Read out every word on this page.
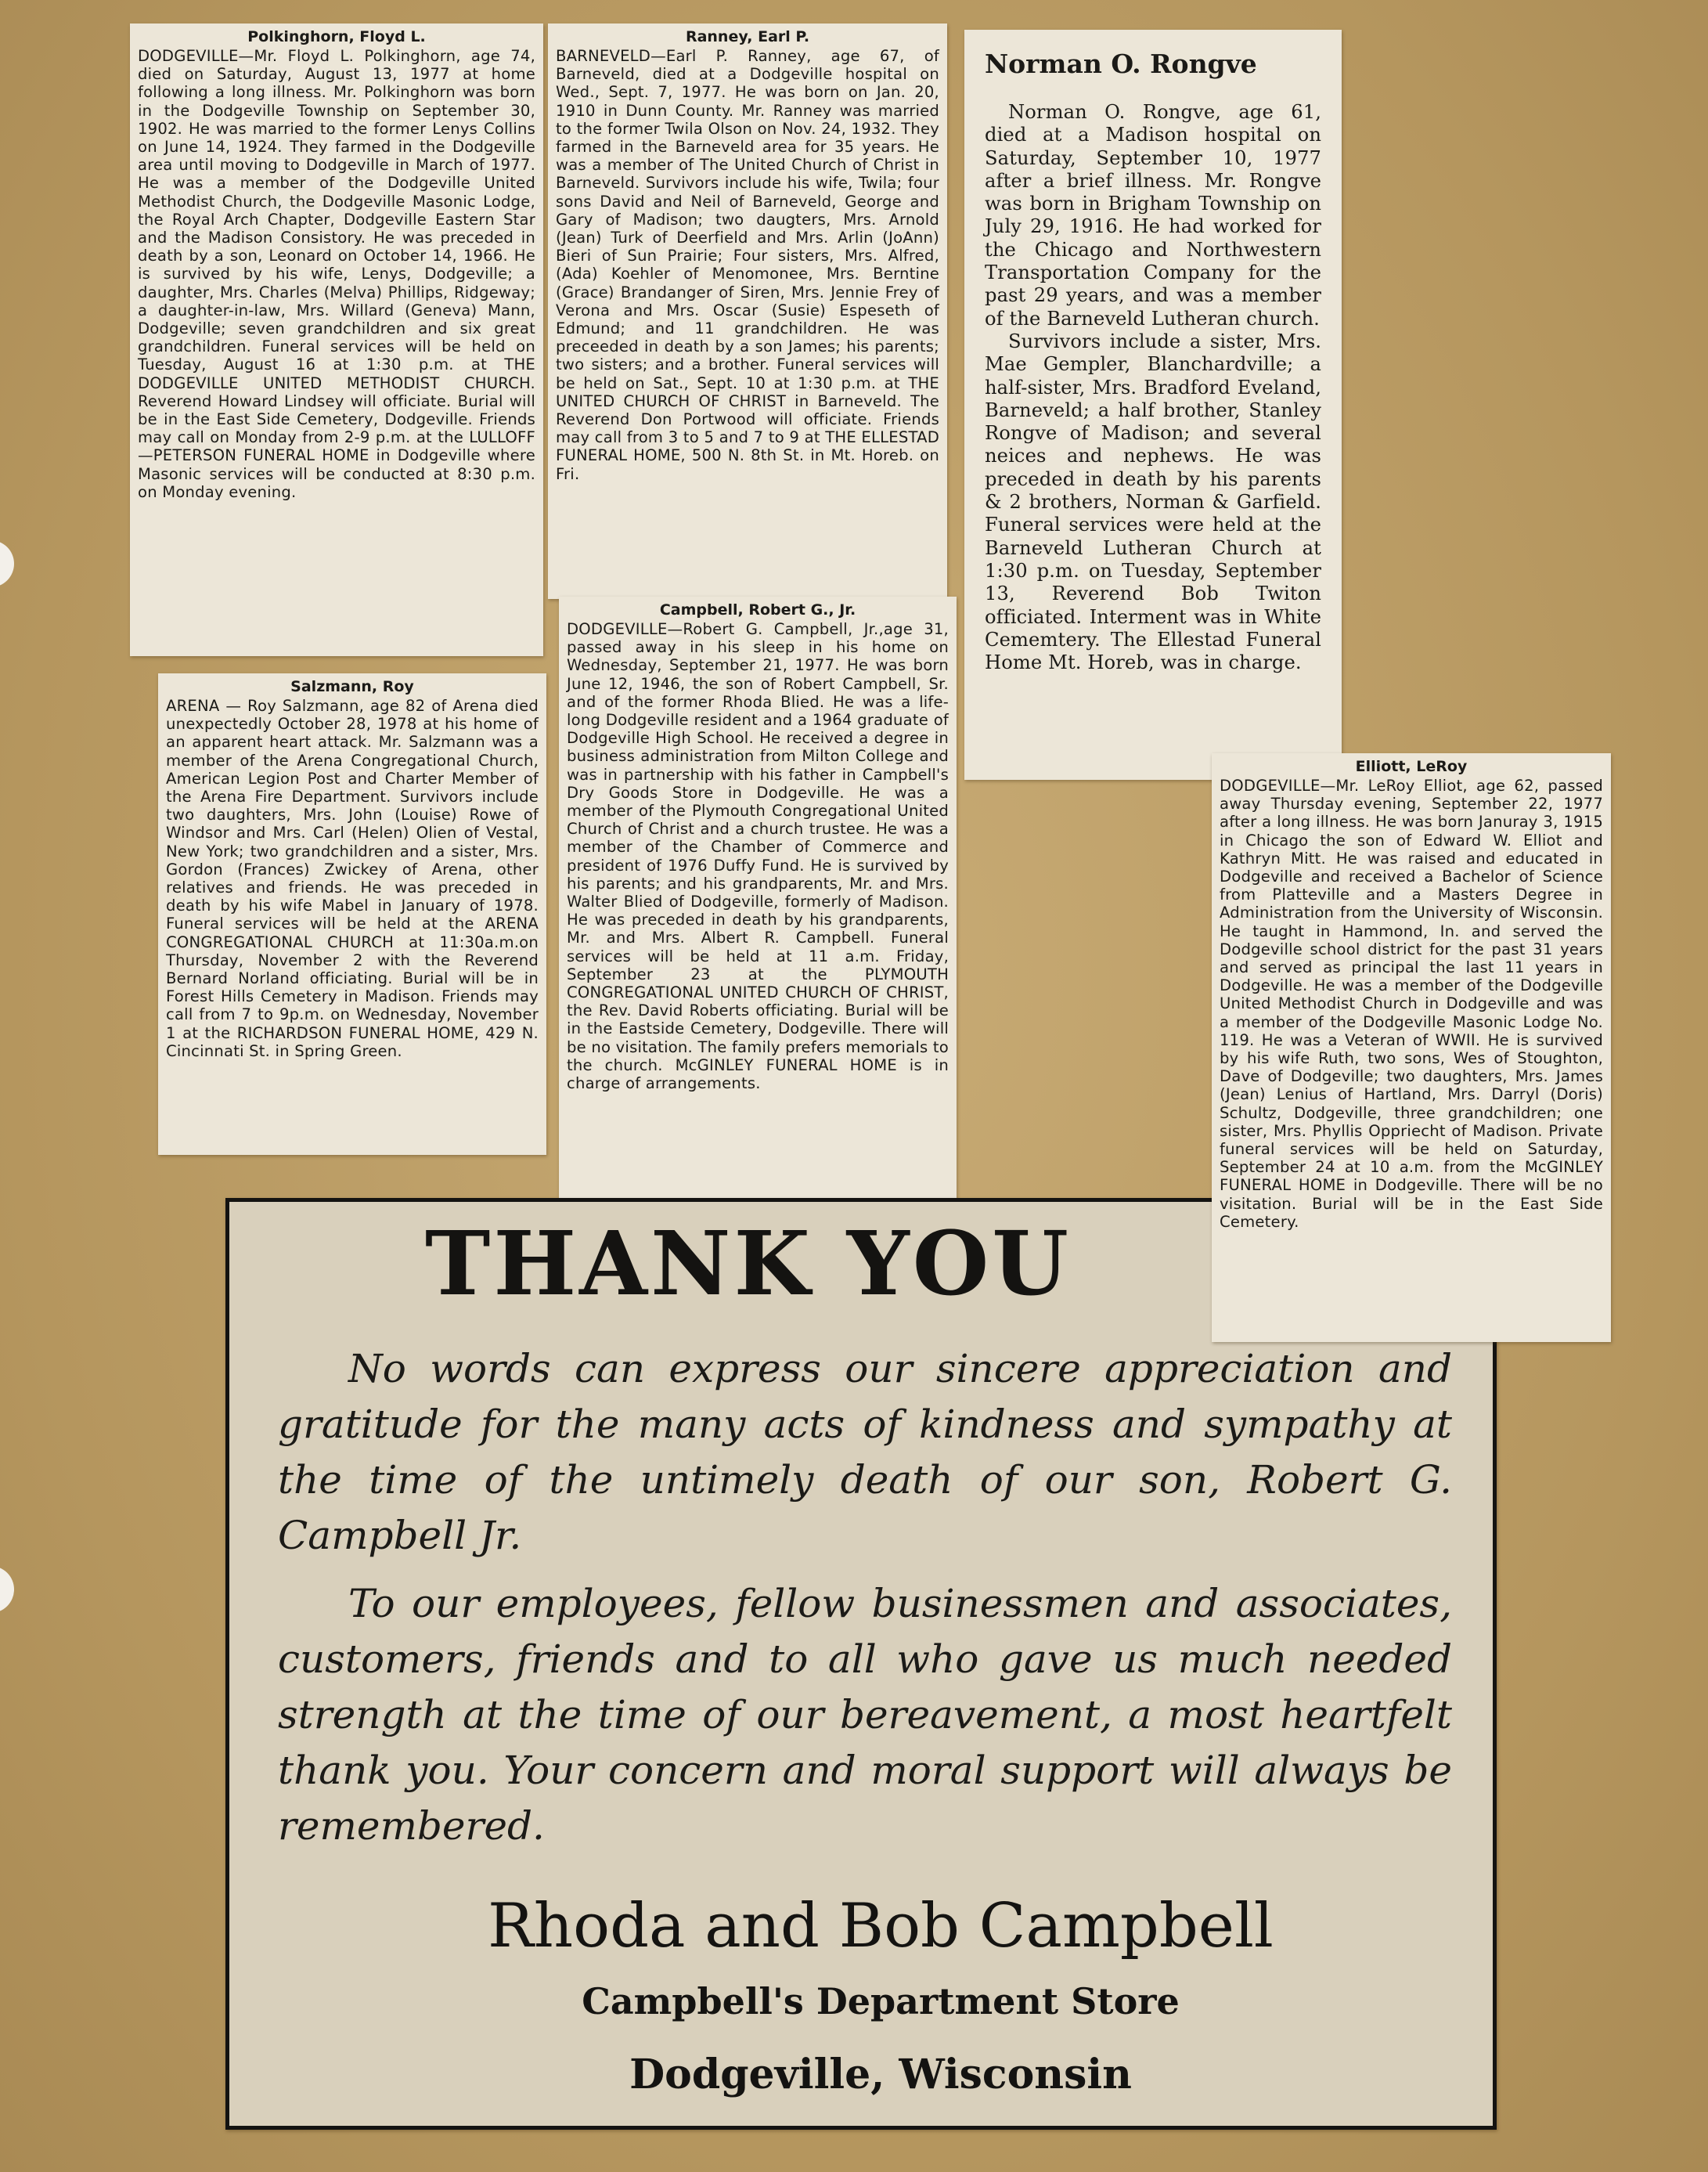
Polkinghorn, Floyd L.
DODGEVILLE—Mr. Floyd L. Polkinghorn, age 74, died on Saturday, August 13, 1977 at home following a long illness. Mr. Polkinghorn was born in the Dodgeville Township on September 30, 1902. He was married to the former Lenys Collins on June 14, 1924. They farmed in the Dodgeville area until moving to Dodgeville in March of 1977. He was a member of the Dodgeville United Methodist Church, the Dodgeville Masonic Lodge, the Royal Arch Chapter, Dodgeville Eastern Star and the Madison Consistory. He was preceded in death by a son, Leonard on October 14, 1966. He is survived by his wife, Lenys, Dodgeville; a daughter, Mrs. Charles (Melva) Phillips, Ridgeway; a daughter-in-law, Mrs. Willard (Geneva) Mann, Dodgeville; seven grandchildren and six great grandchildren. Funeral services will be held on Tuesday, August 16 at 1:30 p.m. at THE DODGEVILLE UNITED METHODIST CHURCH. Reverend Howard Lindsey will officiate. Burial will be in the East Side Cemetery, Dodgeville. Friends may call on Monday from 2-9 p.m. at the LULLOFF —PETERSON FUNERAL HOME in Dodgeville where Masonic services will be conducted at 8:30 p.m. on Monday evening.
Ranney, Earl P.
BARNEVELD—Earl P. Ranney, age 67, of Barneveld, died at a Dodgeville hospital on Wed., Sept. 7, 1977. He was born on Jan. 20, 1910 in Dunn County. Mr. Ranney was married to the former Twila Olson on Nov. 24, 1932. They farmed in the Barneveld area for 35 years. He was a member of The United Church of Christ in Barneveld. Survivors include his wife, Twila; four sons David and Neil of Barneveld, George and Gary of Madison; two daugters, Mrs. Arnold (Jean) Turk of Deerfield and Mrs. Arlin (JoAnn) Bieri of Sun Prairie; Four sisters, Mrs. Alfred, (Ada) Koehler of Menomonee, Mrs. Berntine (Grace) Brandanger of Siren, Mrs. Jennie Frey of Verona and Mrs. Oscar (Susie) Espeseth of Edmund; and 11 grandchildren. He was preceeded in death by a son James; his parents; two sisters; and a brother. Funeral services will be held on Sat., Sept. 10 at 1:30 p.m. at THE UNITED CHURCH OF CHRIST in Barneveld. The Reverend Don Portwood will officiate. Friends may call from 3 to 5 and 7 to 9 at THE ELLESTAD FUNERAL HOME, 500 N. 8th St. in Mt. Horeb. on Fri.
Norman O. Rongve

Norman O. Rongve, age 61, died at a Madison hospital on Saturday, September 10, 1977 after a brief illness. Mr. Rongve was born in Brigham Township on July 29, 1916. He had worked for the Chicago and Northwestern Transportation Company for the past 29 years, and was a member of the Barneveld Lutheran church.

Survivors include a sister, Mrs. Mae Gempler, Blanchardville; a half-sister, Mrs. Bradford Eveland, Barneveld; a half brother, Stanley Rongve of Madison; and several neices and nephews. He was preceded in death by his parents & 2 brothers, Norman & Garfield. Funeral services were held at the Barneveld Lutheran Church at 1:30 p.m. on Tuesday, September 13, Reverend Bob Twiton officiated. Interment was in White Cememtery. The Ellestad Funeral Home Mt. Horeb, was in charge.

Salzmann, Roy
ARENA — Roy Salzmann, age 82 of Arena died unexpectedly October 28, 1978 at his home of an apparent heart attack. Mr. Salzmann was a member of the Arena Congregational Church, American Legion Post and Charter Member of the Arena Fire Department. Survivors include two daughters, Mrs. John (Louise) Rowe of Windsor and Mrs. Carl (Helen) Olien of Vestal, New York; two grandchildren and a sister, Mrs. Gordon (Frances) Zwickey of Arena, other relatives and friends. He was preceded in death by his wife Mabel in January of 1978. Funeral services will be held at the ARENA CONGREGATIONAL CHURCH at 11:30a.m.on Thursday, November 2 with the Reverend Bernard Norland officiating. Burial will be in Forest Hills Cemetery in Madison. Friends may call from 7 to 9p.m. on Wednesday, November 1 at the RICHARDSON FUNERAL HOME, 429 N. Cincinnati St. in Spring Green.
Campbell, Robert G., Jr.
DODGEVILLE—Robert G. Campbell, Jr.,age 31, passed away in his sleep in his home on Wednesday, September 21, 1977. He was born June 12, 1946, the son of Robert Campbell, Sr. and of the former Rhoda Blied. He was a life-long Dodgeville resident and a 1964 graduate of Dodgeville High School. He received a degree in business administration from Milton College and was in partnership with his father in Campbell's Dry Goods Store in Dodgeville. He was a member of the Plymouth Congregational United Church of Christ and a church trustee. He was a member of the Chamber of Commerce and president of 1976 Duffy Fund. He is survived by his parents; and his grandparents, Mr. and Mrs. Walter Blied of Dodgeville, formerly of Madison. He was preceded in death by his grandparents, Mr. and Mrs. Albert R. Campbell. Funeral services will be held at 11 a.m. Friday, September 23 at the PLYMOUTH CONGREGATIONAL UNITED CHURCH OF CHRIST, the Rev. David Roberts officiating. Burial will be in the Eastside Cemetery, Dodgeville. There will be no visitation. The family prefers memorials to the church. McGINLEY FUNERAL HOME is in charge of arrangements.
THANK YOU
No words can express our sincere appreciation and gratitude for the many acts of kindness and sympathy at the time of the untimely death of our son, Robert G. Campbell Jr.
To our employees, fellow businessmen and associates, customers, friends and to all who gave us much needed strength at the time of our bereavement, a most heartfelt thank you. Your concern and moral support will always be remembered.
Rhoda and Bob Campbell
Campbell's Department Store
Dodgeville, Wisconsin
Elliott, LeRoy
DODGEVILLE—Mr. LeRoy Elliot, age 62, passed away Thursday evening, September 22, 1977 after a long illness. He was born Januray 3, 1915 in Chicago the son of Edward W. Elliot and Kathryn Mitt. He was raised and educated in Dodgeville and received a Bachelor of Science from Platteville and a Masters Degree in Administration from the University of Wisconsin. He taught in Hammond, In. and served the Dodgeville school district for the past 31 years and served as principal the last 11 years in Dodgeville. He was a member of the Dodgeville United Methodist Church in Dodgeville and was a member of the Dodgeville Masonic Lodge No. 119. He was a Veteran of WWII. He is survived by his wife Ruth, two sons, Wes of Stoughton, Dave of Dodgeville; two daughters, Mrs. James (Jean) Lenius of Hartland, Mrs. Darryl (Doris) Schultz, Dodgeville, three grandchildren; one sister, Mrs. Phyllis Oppriecht of Madison. Private funeral services will be held on Saturday, September 24 at 10 a.m. from the McGINLEY FUNERAL HOME in Dodgeville. There will be no visitation. Burial will be in the East Side Cemetery.
